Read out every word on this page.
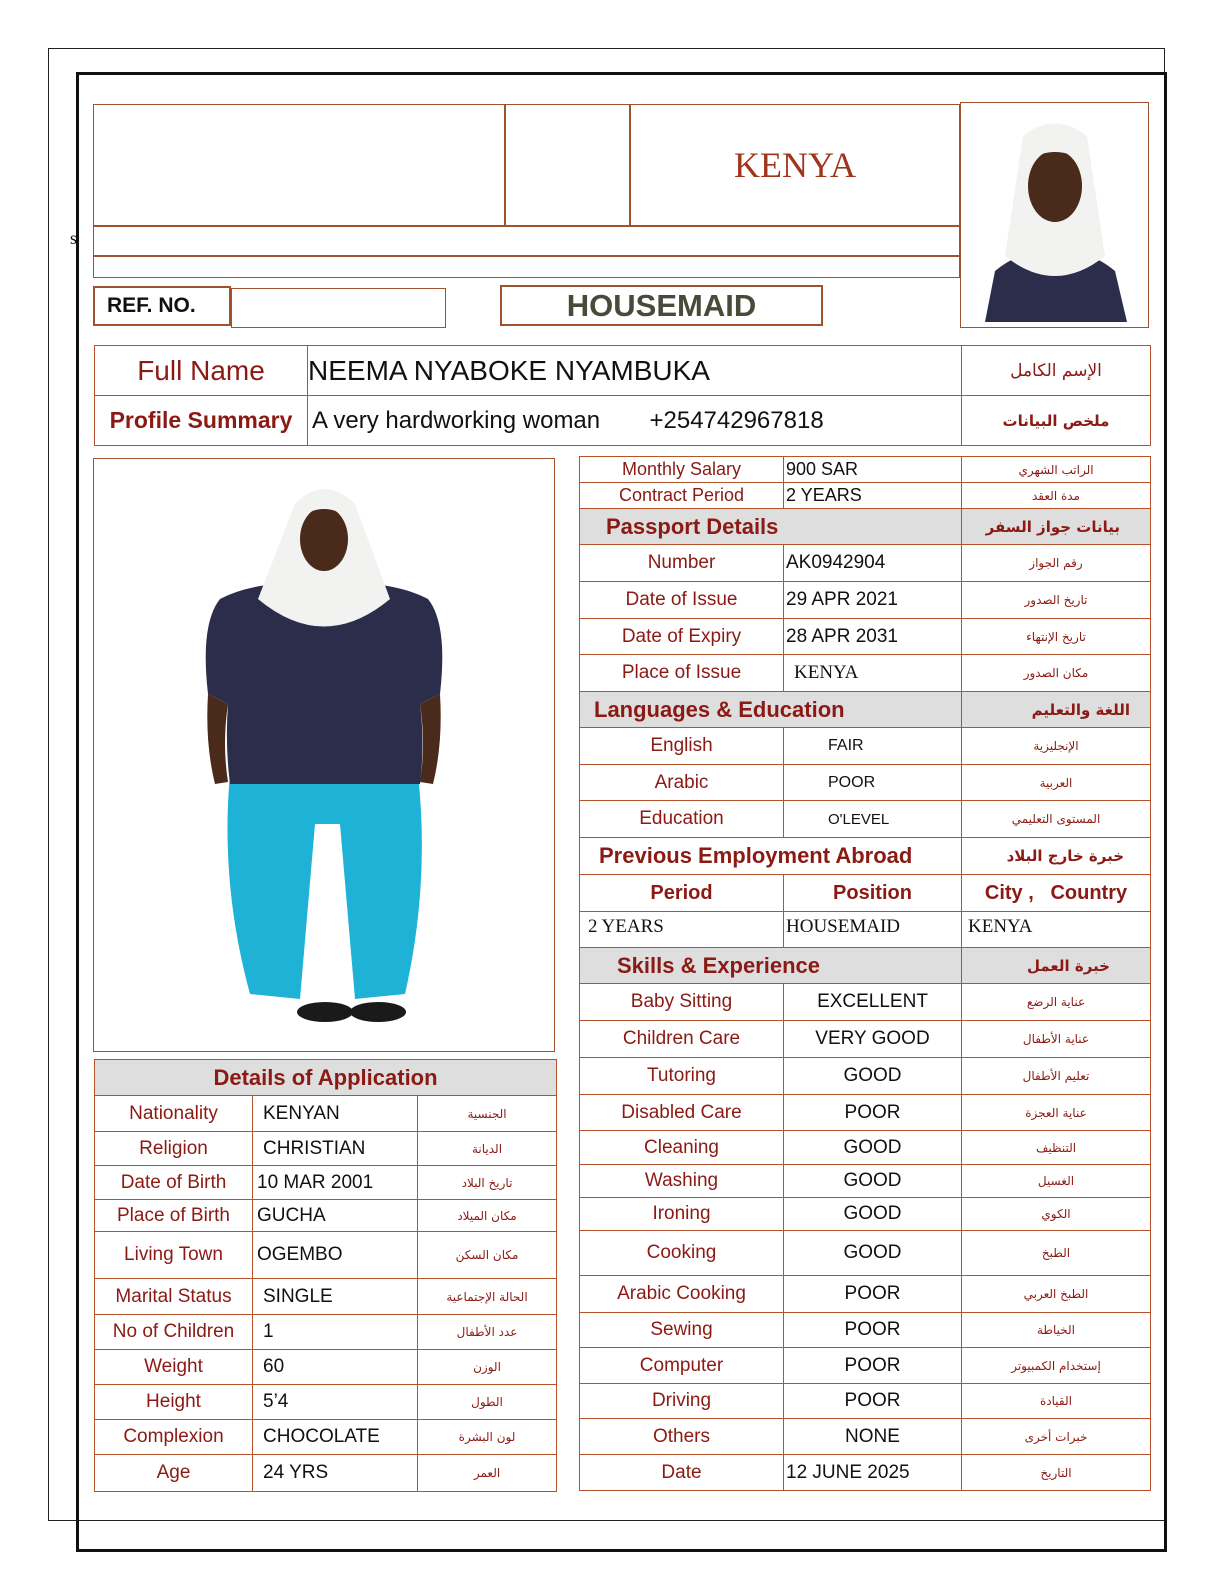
s
KENYA
REF. NO.	HOUSEMAID
Full Name	NEEMA NYABOKE NYAMBUKA	الإسم الكامل
Profile Summary	A very hardworking woman +254742967818	ملخص البيانات
Details of Application		
Nationality	KENYAN	الجنسية
Religion	CHRISTIAN	الديانة
Date of Birth	10 MAR 2001	تاريخ البلاد
Place of Birth	GUCHA	مكان الميلاد
Living Town	OGEMBO	مكان السكن
Marital Status	SINGLE	الحالة الإجتماعية
No of Children	1	عدد الأطفال
Weight	60	الوزن
Height	5’4	الطول
Complexion	CHOCOLATE	لون البشرة
Age	24 YRS	العمر
Monthly Salary	900 SAR	الراتب الشهري
Contract Period	2 YEARS	مدة العقد
Passport Details		بيانات جواز السفر
Number	AK0942904	رقم الجواز
Date of Issue	29 APR 2021	تاريخ الصدور
Date of Expiry	28 APR 2031	تاريخ الإنتهاء
Place of Issue	KENYA	مكان الصدور
Languages & Education		اللغة والتعليم
English	FAIR	الإنجليزية
Arabic	POOR	العربية
Education	O'LEVEL	المستوى التعليمي
Previous Employment Abroad		خبرة خارج البلاد
Period	Position	City ,   Country
2 YEARS	HOUSEMAID	KENYA
Skills & Experience		خبرة العمل
Baby Sitting	EXCELLENT	عناية الرضع
Children Care	VERY GOOD	عناية الأطفال
Tutoring	GOOD	تعليم الأطفال
Disabled Care	POOR	عناية العجزة
Cleaning	GOOD	التنظيف
Washing	GOOD	الغسيل
Ironing	GOOD	الكوي
Cooking	GOOD	الطبخ
Arabic Cooking	POOR	الطبخ العربي
Sewing	POOR	الخياطة
Computer	POOR	إستخدام الكمبيوتر
Driving	POOR	القيادة
Others	NONE	خبرات أخرى
Date	12 JUNE 2025	التاريخ
